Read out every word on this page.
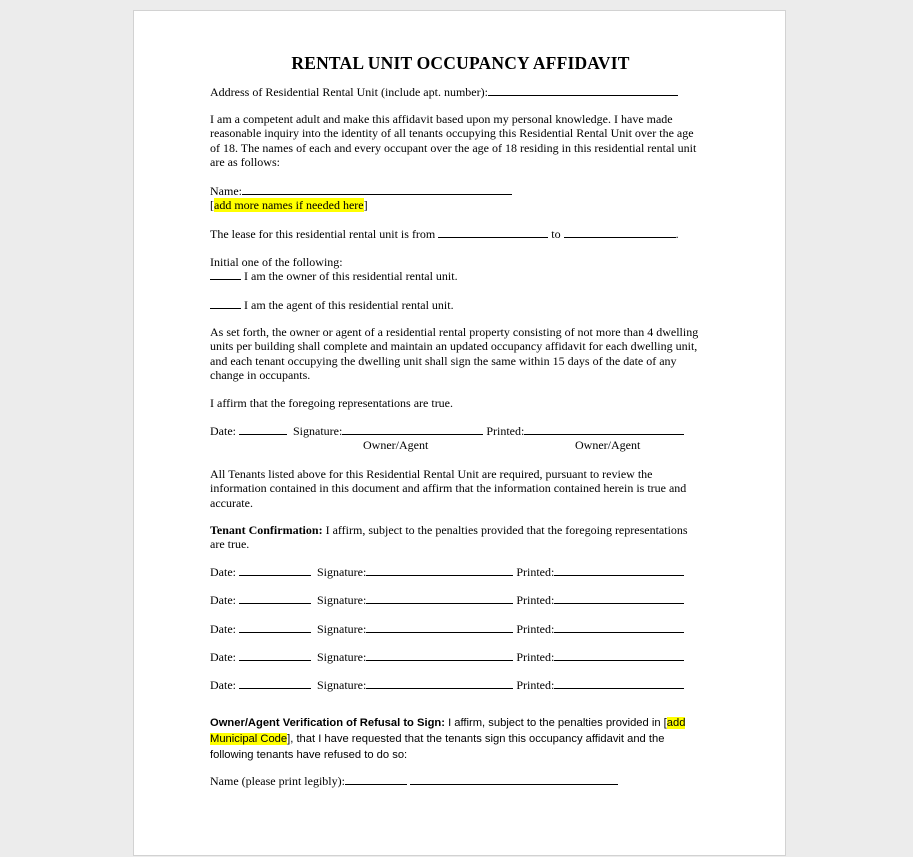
RENTAL UNIT OCCUPANCY AFFIDAVIT

Address of Residential Rental Unit (include apt. number):

I am a competent adult and make this affidavit based upon my personal knowledge. I have made

reasonable inquiry into the identity of all tenants occupying this Residential Rental Unit over the age

of 18. The names of each and every occupant over the age of 18 residing in this residential rental unit

are as follows:

Name:

[add more names if needed here]

The lease for this residential rental unit is from	to	.

Initial one of the following:

I am the owner of this residential rental unit.

I am the agent of this residential rental unit.

As set forth, the owner or agent of a residential rental property consisting of not more than 4 dwelling

units per building shall complete and maintain an updated occupancy affidavit for each dwelling unit,

and each tenant occupying the dwelling unit shall sign the same within 15 days of the date of any

change in occupants.

I affirm that the foregoing representations are true.

Date:	Signature:	Printed:

Owner/Agent	Owner/Agent

All Tenants listed above for this Residential Rental Unit are required, pursuant to review the

information contained in this document and affirm that the information contained herein is true and

accurate.

Tenant Confirmation: I affirm, subject to the penalties provided that the foregoing representations

are true.

Date:	Signature:	Printed:

Date:	Signature:	Printed:

Date:	Signature:	Printed:

Date:	Signature:	Printed:

Date:	Signature:	Printed:

Owner/Agent Verification of Refusal to Sign: I affirm, subject to the penalties provided in [add

Municipal Code], that I have requested that the tenants sign this occupancy affidavit and the

following tenants have refused to do so:

Name (please print legibly):
